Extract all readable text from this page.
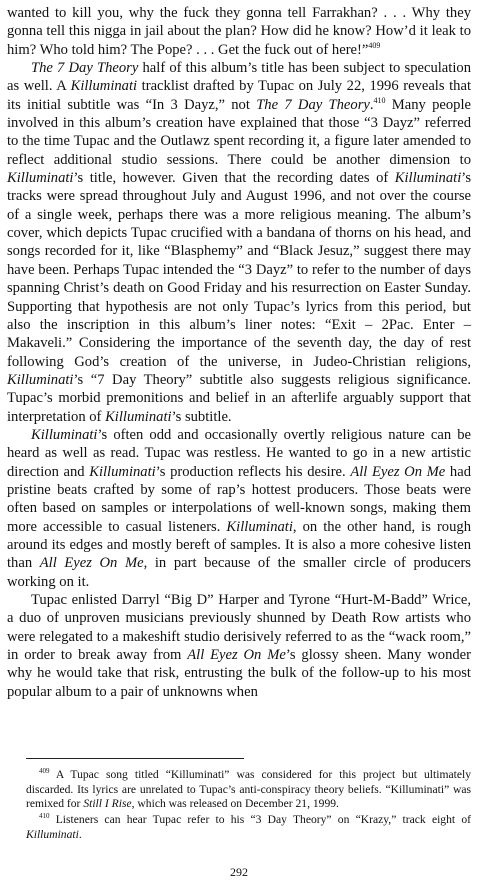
wanted to kill you, why the fuck they gonna tell Farrakhan? . . . Why they gonna tell this nigga in jail about the plan? How did he know? How’d it leak to him? Who told him? The Pope? . . . Get the fuck out of here!”$^{409}$

The 7 Day Theory half of this album’s title has been subject to speculation as well. A Killuminati tracklist drafted by Tupac on July 22, 1996 reveals that its initial subtitle was “In 3 Dayz,” not The 7 Day Theory.$^{410}$ Many people involved in this album’s creation have explained that those “3 Dayz” referred to the time Tupac and the Outlawz spent recording it, a figure later amended to reflect additional studio sessions. There could be another dimension to Killuminati’s title, however. Given that the recording dates of Killuminati’s tracks were spread throughout July and August 1996, and not over the course of a single week, perhaps there was a more religious meaning. The album’s cover, which depicts Tupac crucified with a bandana of thorns on his head, and songs recorded for it, like “Blasphemy” and “Black Jesuz,” suggest there may have been. Perhaps Tupac intended the “3 Dayz” to refer to the number of days spanning Christ’s death on Good Friday and his resurrection on Easter Sunday. Supporting that hypothesis are not only Tupac’s lyrics from this period, but also the inscription in this album’s liner notes: “Exit – 2Pac. Enter – Makaveli.” Considering the importance of the seventh day, the day of rest following God’s creation of the universe, in Judeo-Christian religions, Killuminati’s “7 Day Theory” subtitle also suggests religious significance. Tupac’s morbid premonitions and belief in an afterlife arguably support that interpretation of Killuminati’s subtitle.

Killuminati’s often odd and occasionally overtly religious nature can be heard as well as read. Tupac was restless. He wanted to go in a new artistic direction and Killuminati’s production reflects his desire. All Eyez On Me had pristine beats crafted by some of rap’s hottest producers. Those beats were often based on samples or interpolations of well-known songs, making them more accessible to casual listeners. Killuminati, on the other hand, is rough around its edges and mostly bereft of samples. It is also a more cohesive listen than All Eyez On Me, in part because of the smaller circle of producers working on it.

Tupac enlisted Darryl “Big D” Harper and Tyrone “Hurt-M-Badd” Wrice, a duo of unproven musicians previously shunned by Death Row artists who were relegated to a makeshift studio derisively referred to as the “wack room,” in order to break away from All Eyez On Me’s glossy sheen. Many wonder why he would take that risk, entrusting the bulk of the follow-up to his most popular album to a pair of unknowns when

$^{409}$ A Tupac song titled “Killuminati” was considered for this project but ultimately discarded. Its lyrics are unrelated to Tupac’s anti-conspiracy theory beliefs. “Killuminati” was remixed for Still I Rise, which was released on December 21, 1999.

$^{410}$ Listeners can hear Tupac refer to his “3 Day Theory” on “Krazy,” track eight of Killuminati.

292
